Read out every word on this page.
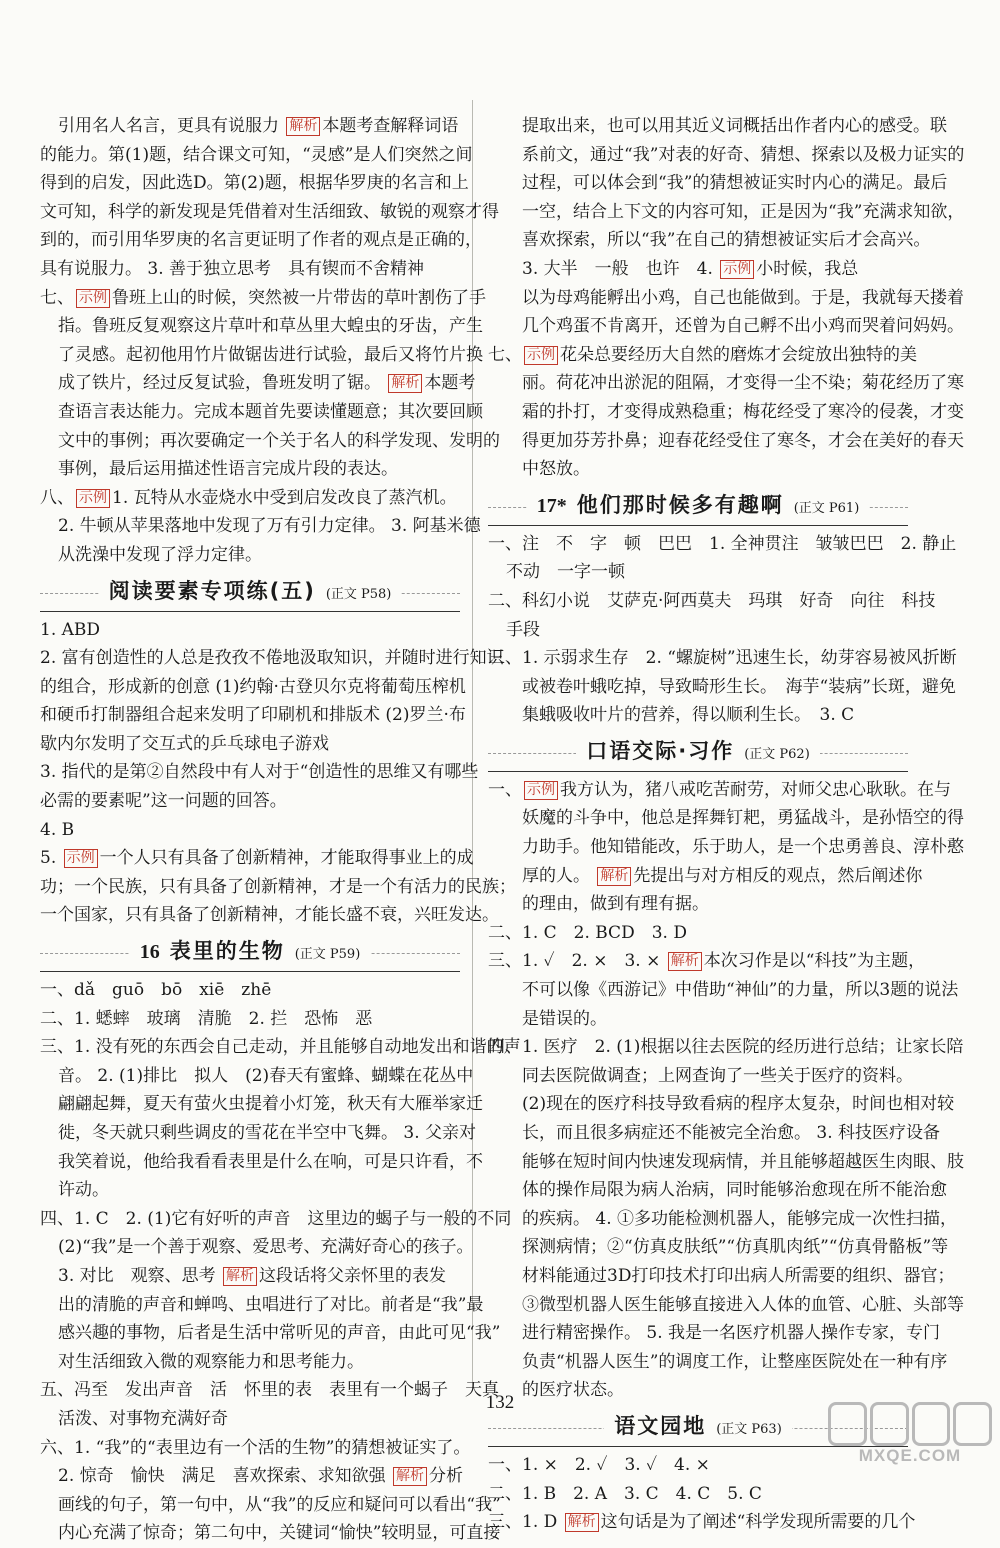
引用名人名言，更具有说服力 解析 本题考查解释词语
的能力。第(1)题，结合课文可知，“灵感”是人们突然之间
得到的启发，因此选D。第(2)题，根据华罗庚的名言和上
文可知，科学的新发现是凭借着对生活细致、敏锐的观察才得
到的，而引用华罗庚的名言更证明了作者的观点是正确的，
具有说服力。 3. 善于独立思考　具有锲而不舍精神
七、 示例 鲁班上山的时候，突然被一片带齿的草叶割伤了手
指。鲁班反复观察这片草叶和草丛里大蝗虫的牙齿，产生
了灵感。起初他用竹片做锯齿进行试验，最后又将竹片换
成了铁片，经过反复试验，鲁班发明了锯。 解析 本题考
查语言表达能力。完成本题首先要读懂题意；其次要回顾
文中的事例；再次要确定一个关于名人的科学发现、发明的
事例，最后运用描述性语言完成片段的表达。
八、 示例 1. 瓦特从水壶烧水中受到启发改良了蒸汽机。
2. 牛顿从苹果落地中发现了万有引力定律。 3. 阿基米德
从洗澡中发现了浮力定律。
阅读要素专项练(五) (正文 P58)
1. ABD
2. 富有创造性的人总是孜孜不倦地汲取知识，并随时进行知识
的组合，形成新的创意 (1)约翰·古登贝尔克将葡萄压榨机
和硬币打制器组合起来发明了印刷机和排版术 (2)罗兰·布
歇内尔发明了交互式的乒乓球电子游戏
3. 指代的是第②自然段中有人对于“创造性的思维又有哪些
必需的要素呢”这一问题的回答。
4. B
5. 示例 一个人只有具备了创新精神，才能取得事业上的成
功；一个民族，只有具备了创新精神，才是一个有活力的民族；
一个国家，只有具备了创新精神，才能长盛不衰，兴旺发达。
16 表里的生物 (正文 P59)
一、dǎ　guō　bō　xiē　zhē
二、1. 蟋蟀　玻璃　清脆　2. 拦　恐怖　恶
三、1. 没有死的东西会自己走动，并且能够自动地发出和谐的声
音。 2. (1)排比　拟人　(2)春天有蜜蜂、蝴蝶在花丛中
翩翩起舞，夏天有萤火虫提着小灯笼，秋天有大雁举家迁
徙，冬天就只剩些调皮的雪花在半空中飞舞。 3. 父亲对
我笑着说，他给我看看表里是什么在响，可是只许看，不
许动。
四、1. C　2. (1)它有好听的声音　这里边的蝎子与一般的不同
(2)“我”是一个善于观察、爱思考、充满好奇心的孩子。
3. 对比　观察、思考 解析 这段话将父亲怀里的表发
出的清脆的声音和蝉鸣、虫唱进行了对比。前者是“我”最
感兴趣的事物，后者是生活中常听见的声音，由此可见“我”
对生活细致入微的观察能力和思考能力。
五、冯至　发出声音　活　怀里的表　表里有一个蝎子　天真
活泼、对事物充满好奇
六、1. “我”的“表里边有一个活的生物”的猜想被证实了。
2. 惊奇　愉快　满足　喜欢探索、求知欲强 解析 分析
画线的句子，第一句中，从“我”的反应和疑问可以看出“我”
内心充满了惊奇；第二句中，关键词“愉快”较明显，可直接
提取出来，也可以用其近义词概括出作者内心的感受。联
系前文，通过“我”对表的好奇、猜想、探索以及极力证实的
过程，可以体会到“我”的猜想被证实时内心的满足。最后
一空，结合上下文的内容可知，正是因为“我”充满求知欲，
喜欢探索，所以“我”在自己的猜想被证实后才会高兴。
3. 大半　一般　也许　4. 示例 小时候，我总
以为母鸡能孵出小鸡，自己也能做到。于是，我就每天搂着
几个鸡蛋不肯离开，还曾为自己孵不出小鸡而哭着问妈妈。
七、 示例 花朵总要经历大自然的磨炼才会绽放出独特的美
丽。荷花冲出淤泥的阻隔，才变得一尘不染；菊花经历了寒
霜的扑打，才变得成熟稳重；梅花经受了寒冷的侵袭，才变
得更加芬芳扑鼻；迎春花经受住了寒冬，才会在美好的春天
中怒放。
17* 他们那时候多有趣啊 (正文 P61)
一、注　不　字　顿　巴巴　1. 全神贯注　皱皱巴巴　2. 静止
不动　一字一顿
二、科幻小说　艾萨克·阿西莫夫　玛琪　好奇　向往　科技
手段
三、1. 示弱求生存　2. “螺旋树”迅速生长，幼芽容易被风折断
或被卷叶蛾吃掉，导致畸形生长。　海芋“装病”长斑，避免
集蛾吸收叶片的营养，得以顺利生长。　3. C
口语交际·习作 (正文 P62)
一、 示例 我方认为，猪八戒吃苦耐劳，对师父忠心耿耿。在与
妖魔的斗争中，他总是挥舞钉耙，勇猛战斗，是孙悟空的得
力助手。他知错能改，乐于助人，是一个忠勇善良、淳朴憨
厚的人。 解析 先提出与对方相反的观点，然后阐述你
的理由，做到有理有据。
二、1. C　2. BCD　3. D
三、1. ✓　2. ×　3. × 解析 本次习作是以“科技”为主题，
不可以像《西游记》中借助“神仙”的力量，所以3题的说法
是错误的。
四、1. 医疗　2. (1)根据以往去医院的经历进行总结；让家长陪
同去医院做调查；上网查询了一些关于医疗的资料。
(2)现在的医疗科技导致看病的程序太复杂，时间也相对较
长，而且很多病症还不能被完全治愈。 3. 科技医疗设备
能够在短时间内快速发现病情，并且能够超越医生肉眼、肢
体的操作局限为病人治病，同时能够治愈现在所不能治愈
的疾病。 4. ①多功能检测机器人，能够完成一次性扫描，
探测病情；②“仿真皮肤纸”“仿真肌肉纸”“仿真骨骼板”等
材料能通过3D打印技术打印出病人所需要的组织、器官；
③微型机器人医生能够直接进入人体的血管、心脏、头部等
进行精密操作。 5. 我是一名医疗机器人操作专家，专门
负责“机器人医生”的调度工作，让整座医院处在一种有序
的医疗状态。
语文园地 (正文 P63)
一、1. ×　2. ✓　3. ✓　4. ×
二、1. B　2. A　3. C　4. C　5. C
三、1. D 解析 这句话是为了阐述“科学发现所需要的几个
132
MXQE.COM
